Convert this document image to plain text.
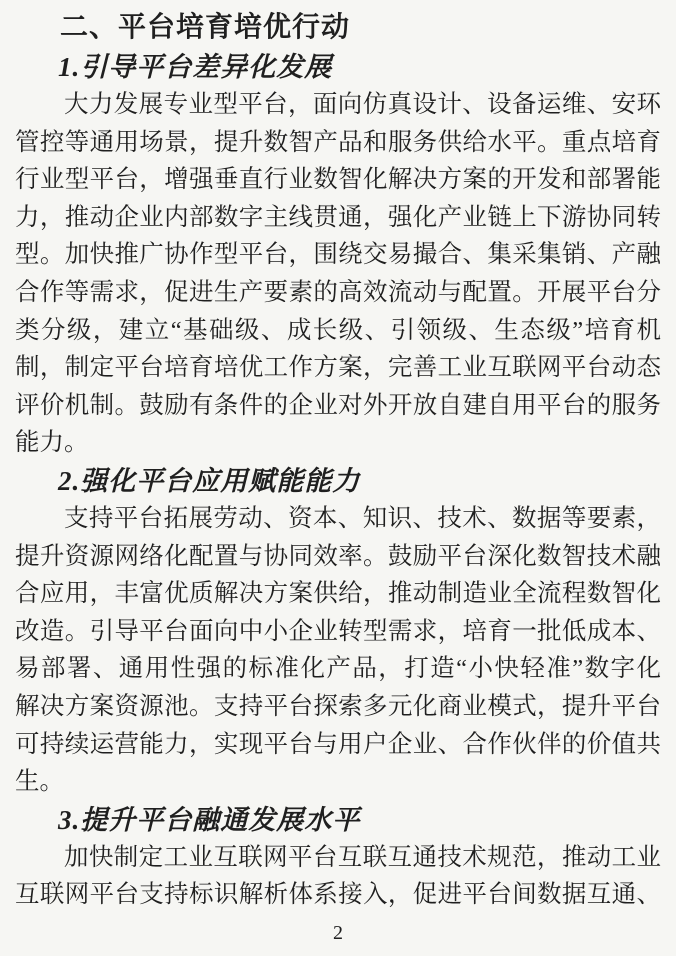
二、平台培育培优行动
1.引导平台差异化发展
大力发展专业型平台，面向仿真设计、设备运维、安环
管控等通用场景，提升数智产品和服务供给水平。重点培育
行业型平台，增强垂直行业数智化解决方案的开发和部署能
力，推动企业内部数字主线贯通，强化产业链上下游协同转
型。加快推广协作型平台，围绕交易撮合、集采集销、产融
合作等需求，促进生产要素的高效流动与配置。开展平台分
类分级，建立“基础级、成长级、引领级、生态级”培育机
制，制定平台培育培优工作方案，完善工业互联网平台动态
评价机制。鼓励有条件的企业对外开放自建自用平台的服务
能力。
2.强化平台应用赋能能力
支持平台拓展劳动、资本、知识、技术、数据等要素，
提升资源网络化配置与协同效率。鼓励平台深化数智技术融
合应用，丰富优质解决方案供给，推动制造业全流程数智化
改造。引导平台面向中小企业转型需求，培育一批低成本、
易部署、通用性强的标准化产品，打造“小快轻准”数字化
解决方案资源池。支持平台探索多元化商业模式，提升平台
可持续运营能力，实现平台与用户企业、合作伙伴的价值共
生。
3.提升平台融通发展水平
加快制定工业互联网平台互联互通技术规范，推动工业
互联网平台支持标识解析体系接入，促进平台间数据互通、
2
